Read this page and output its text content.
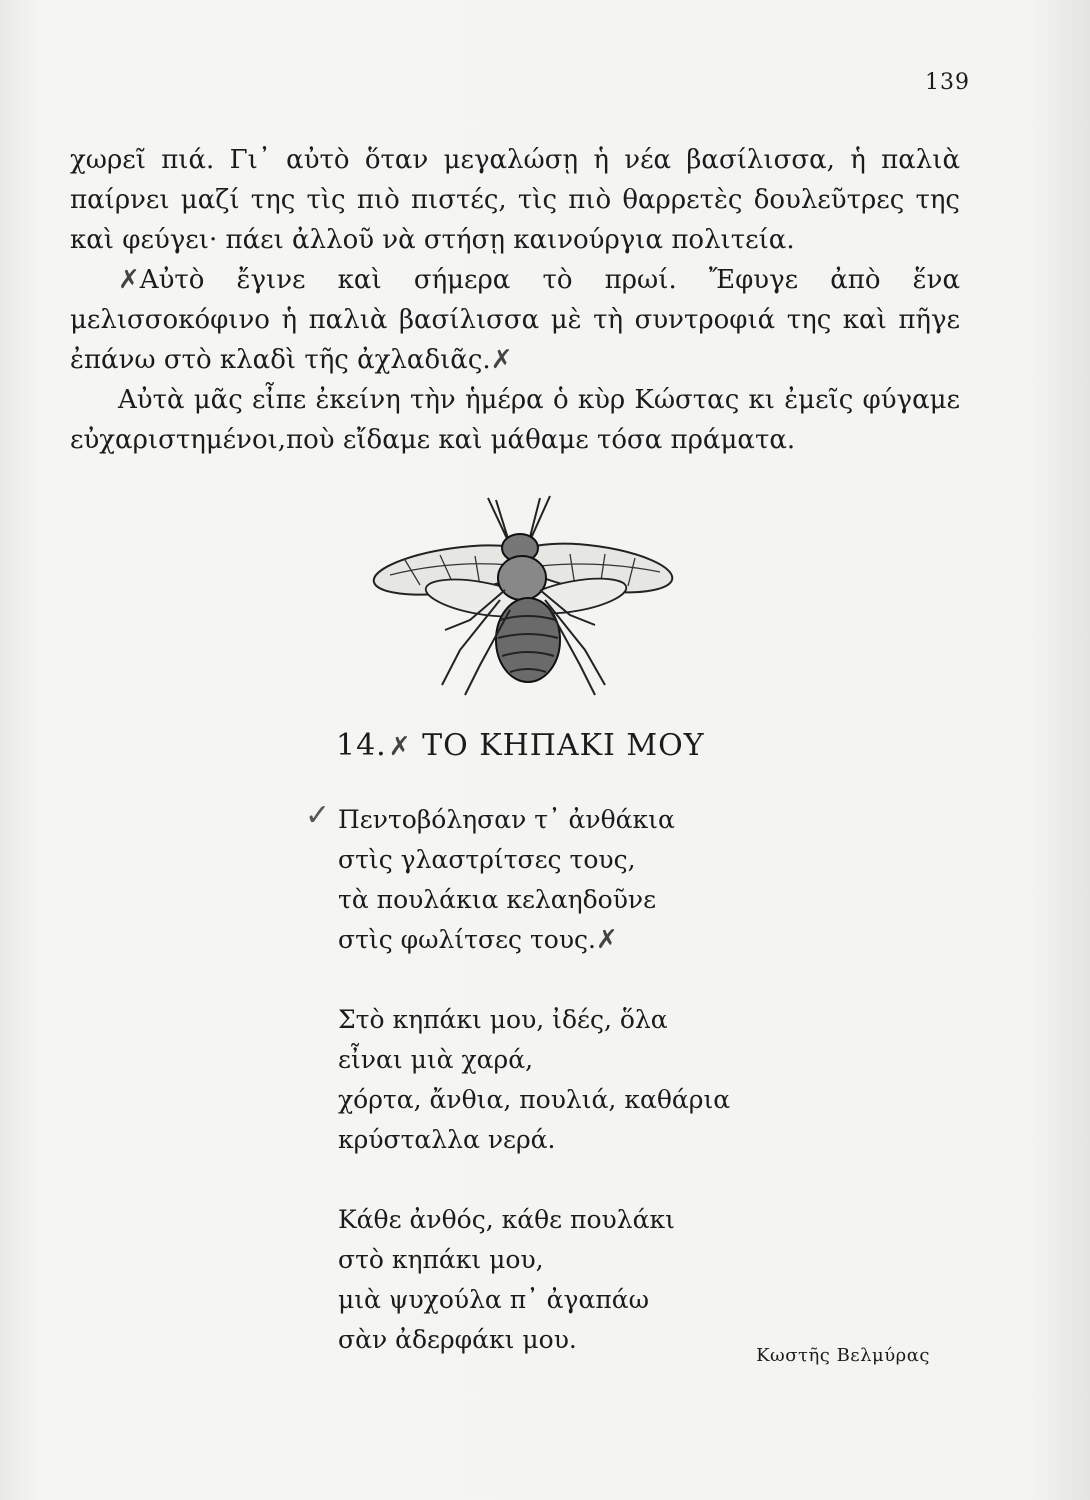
139

χωρεῖ πιά. Γι᾽ αὐτὸ ὅταν μεγαλώσῃ ἡ νέα βασίλισσα, ἡ παλιὰ παίρνει μαζί της τὶς πιὸ πιστές, τὶς πιὸ θαρρετὲς δουλεῦτρες της καὶ φεύγει· πάει ἀλλοῦ νὰ στήσῃ καινούργια πολιτεία.

✗Αὐτὸ ἔγινε καὶ σήμερα τὸ πρωί. Ἔφυγε ἀπὸ ἕνα μελισσοκόφινο ἡ παλιὰ βασίλισσα μὲ τὴ συντροφιά της καὶ πῆγε ἐπάνω στὸ κλαδὶ τῆς ἀχλαδιᾶς.✗

Αὐτὰ μᾶς εἶπε ἐκείνη τὴν ἡμέρα ὁ κὺρ Κώστας κι ἐμεῖς φύγαμε εὐχαριστημένοι,ποὺ εἴδαμε καὶ μάθαμε τόσα πράματα.

14.✗ ΤΟ ΚΗΠΑΚΙ ΜΟΥ
✓ Πεντοβόλησαν τ᾽ ἀνθάκια
στὶς γλαστρίτσες τους,
τὰ πουλάκια κελαηδοῦνε
στὶς φωλίτσες τους.✗
Στὸ κηπάκι μου, ἰδές, ὅλα
εἶναι μιὰ χαρά,
χόρτα, ἄνθια, πουλιά, καθάρια
κρύσταλλα νερά.
Κάθε ἀνθός, κάθε πουλάκι
στὸ κηπάκι μου,
μιὰ ψυχούλα π᾽ ἀγαπάω
σὰν ἀδερφάκι μου.
Κωστῆς Βελμύρας
